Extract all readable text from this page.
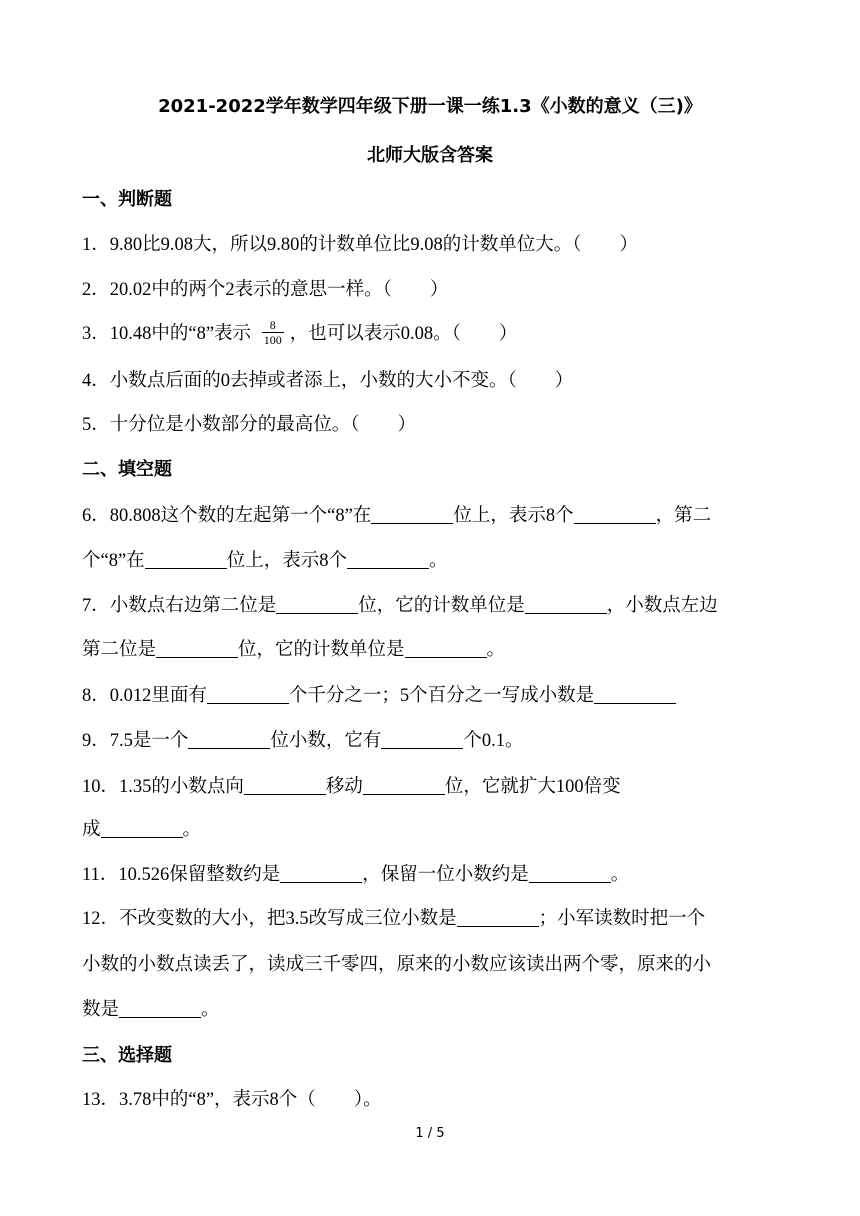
2021-2022学年数学四年级下册一课一练1.3《小数的意义（三)》
北师大版含答案
一、判断题
1．9.80比9.08大，所以9.80的计数单位比9.08的计数单位大。（ ）
2．20.02中的两个2表示的意思一样。（ ）
3．10.48中的“8”表示 $\frac{8}{100}$ ，也可以表示0.08。（ ）
4．小数点后面的0去掉或者添上，小数的大小不变。（ ）
5．十分位是小数部分的最高位。（ ）
二、填空题
6．80.808这个数的左起第一个“8”在	位上，表示8个	，第二
个“8”在	位上，表示8个	。
7．小数点右边第二位是	位，它的计数单位是	，小数点左边
第二位是	位，它的计数单位是	。
8．0.012里面有	个千分之一；5个百分之一写成小数是
9．7.5是一个	位小数，它有	个0.1。
10．1.35的小数点向	移动	位，它就扩大100倍变
成	。
11．10.526保留整数约是	，保留一位小数约是	。
12．不改变数的大小，把3.5改写成三位小数是	；小军读数时把一个
小数的小数点读丢了，读成三千零四，原来的小数应该读出两个零，原来的小
数是	。
三、选择题
13．3.78中的“8”，表示8个（ ）。
1 / 5
